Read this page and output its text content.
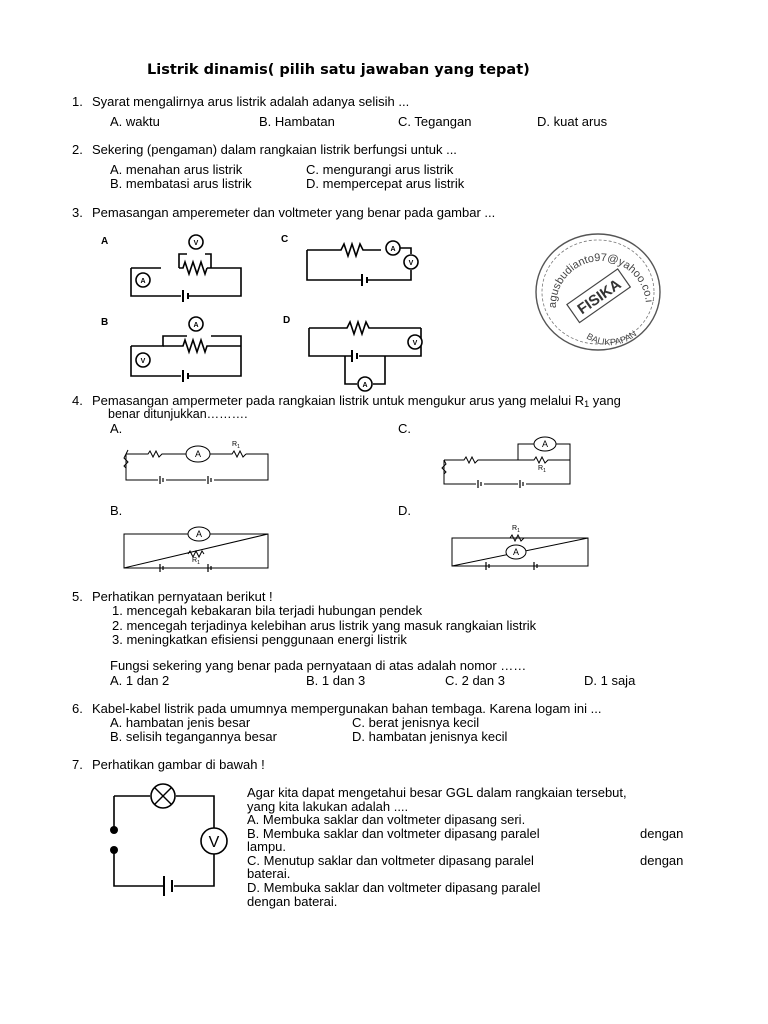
Listrik dinamis( pilih satu jawaban yang tepat)
1. Syarat mengalirnya arus listrik adalah adanya selisih ...
A. waktu	B. Hambatan	C. Tegangan	D. kuat arus
2. Sekering (pengaman) dalam rangkaian listrik berfungsi untuk ...
A. menahan arus listrik	C. mengurangi arus listrik
B. membatasi arus listrik	D. mempercepat arus listrik
3. Pemasangan amperemeter dan voltmeter yang benar pada gambar ...
A
V
A
V
V
A
V
A
A	C
B	D
agusbudianto97@yahoo.co.id
FISIKA
BALIKPAPAN
4. Pemasangan ampermeter pada rangkaian listrik untuk mengukur arus yang melalui $R_1$ yang
benar ditunjukkan……….
A.	C.
B.	D.
A
$R_1$	A
$R_1$
A
$R_1$
A
$R_1$
5. Perhatikan pernyataan berikut !
1. mencegah kebakaran bila terjadi hubungan pendek
2. mencegah terjadinya kelebihan arus listrik yang masuk rangkaian listrik
3. meningkatkan efisiensi penggunaan energi listrik
Fungsi sekering yang benar pada pernyataan di atas adalah nomor ……
A. 1 dan 2	B. 1 dan 3	C. 2 dan 3	D. 1 saja
6. Kabel-kabel listrik pada umumnya mempergunakan bahan tembaga. Karena logam ini ...
A. hambatan jenis besar	C. berat jenisnya kecil
B. selisih tegangannya besar	D. hambatan jenisnya kecil
7. Perhatikan gambar di bawah !
V
Agar kita dapat mengetahui besar GGL dalam rangkaian tersebut,
yang kita lakukan adalah ....
A. Membuka saklar dan voltmeter dipasang seri.
B. Membuka saklar dan voltmeter dipasang paralel	dengan
lampu.
C. Menutup saklar dan voltmeter dipasang paralel	dengan
baterai.
D. Membuka saklar dan voltmeter dipasang paralel
dengan baterai.
